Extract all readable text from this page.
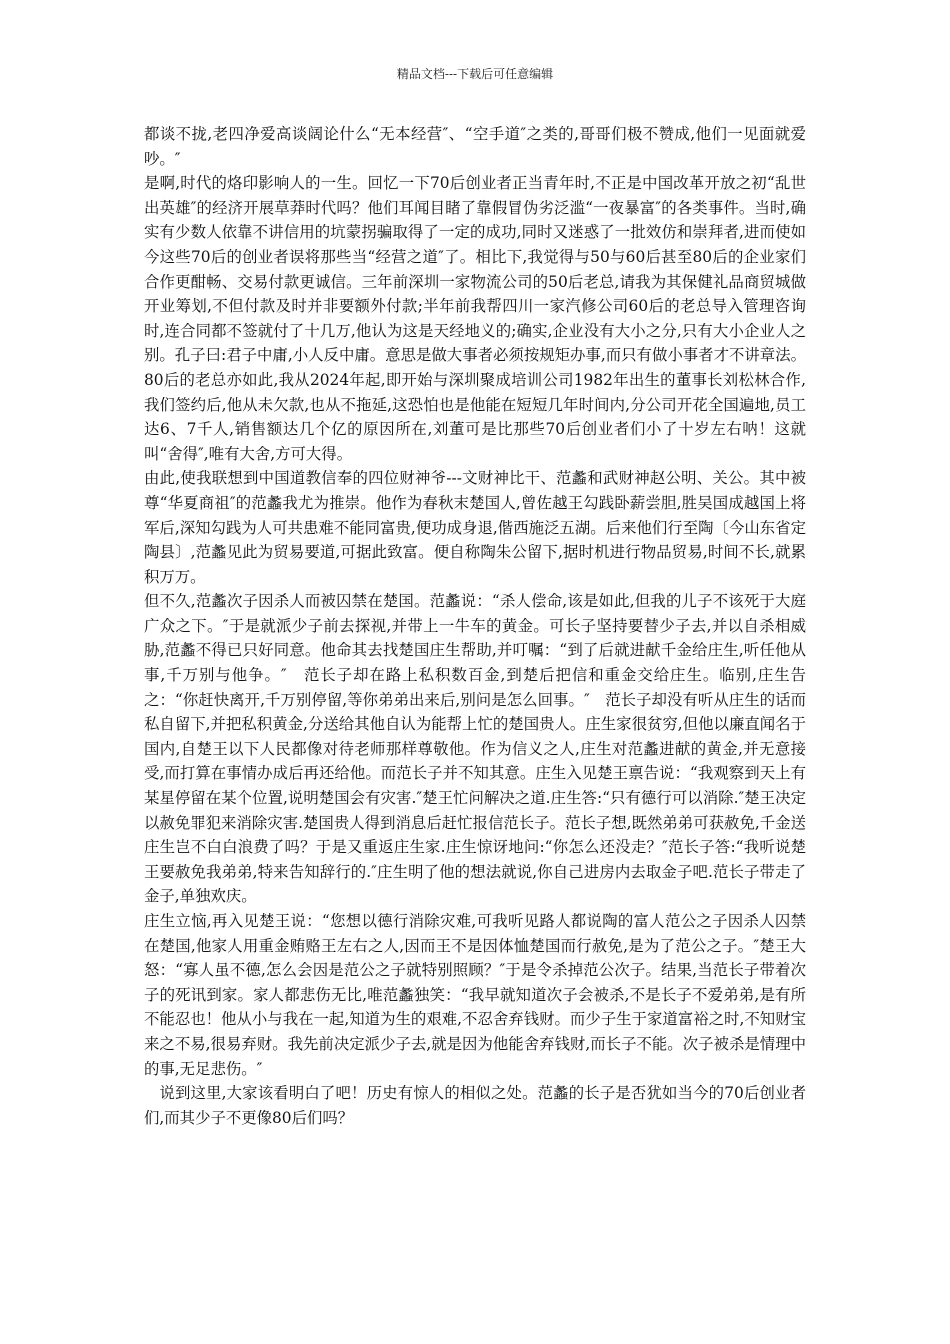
精品文档---下载后可任意编辑

都谈不拢,老四净爱高谈阔论什么“无本经营″、“空手道″之类的,哥哥们极不赞成,他们一见面就爱吵。″

是啊,时代的烙印影响人的一生。回忆一下70后创业者正当青年时,不正是中国改革开放之初“乱世出英雄″的经济开展草莽时代吗？他们耳闻目睹了靠假冒伪劣泛滥“一夜暴富″的各类事件。当时,确实有少数人依靠不讲信用的坑蒙拐骗取得了一定的成功,同时又迷惑了一批效仿和崇拜者,进而使如今这些70后的创业者误将那些当“经营之道″了。相比下,我觉得与50与60后甚至80后的企业家们合作更酣畅、交易付款更诚信。三年前深圳一家物流公司的50后老总,请我为其保健礼品商贸城做开业筹划,不但付款及时并非要额外付款;半年前我帮四川一家汽修公司60后的老总导入管理咨询时,连合同都不签就付了十几万,他认为这是天经地义的;确实,企业没有大小之分,只有大小企业人之别。孔子曰:君子中庸,小人反中庸。意思是做大事者必须按规矩办事,而只有做小事者才不讲章法。80后的老总亦如此,我从2024年起,即开始与深圳聚成培训公司1982年出生的董事长刘松林合作,我们签约后,他从未欠款,也从不拖延,这恐怕也是他能在短短几年时间内,分公司开花全国遍地,员工达6、7千人,销售额达几个亿的原因所在,刘董可是比那些70后创业者们小了十岁左右呐！这就叫“舍得″,唯有大舍,方可大得。

由此,使我联想到中国道教信奉的四位财神爷---文财神比干、范蠡和武财神赵公明、关公。其中被尊“华夏商祖″的范蠡我尤为推崇。他作为春秋末楚国人,曾佐越王勾践卧薪尝胆,胜吴国成越国上将军后,深知勾践为人可共患难不能同富贵,便功成身退,偕西施泛五湖。后来他们行至陶〔今山东省定陶县〕,范蠡见此为贸易要道,可据此致富。便自称陶朱公留下,据时机进行物品贸易,时间不长,就累积万万。

但不久,范蠡次子因杀人而被囚禁在楚国。范蠡说：“杀人偿命,该是如此,但我的儿子不该死于大庭广众之下。″于是就派少子前去探视,并带上一牛车的黄金。可长子坚持要替少子去,并以自杀相威胁,范蠡不得已只好同意。他命其去找楚国庄生帮助,并叮嘱：“到了后就进献千金给庄生,听任他从事,千万别与他争。″　范长子却在路上私积数百金,到楚后把信和重金交给庄生。临别,庄生告之：“你赶快离开,千万别停留,等你弟弟出来后,别问是怎么回事。″　范长子却没有听从庄生的话而私自留下,并把私积黄金,分送给其他自认为能帮上忙的楚国贵人。庄生家很贫穷,但他以廉直闻名于国内,自楚王以下人民都像对待老师那样尊敬他。作为信义之人,庄生对范蠡进献的黄金,并无意接受,而打算在事情办成后再还给他。而范长子并不知其意。庄生入见楚王禀告说：“我观察到天上有某星停留在某个位置,说明楚国会有灾害.″楚王忙问解决之道.庄生答:“只有德行可以消除.″楚王决定以赦免罪犯来消除灾害.楚国贵人得到消息后赶忙报信范长子。范长子想,既然弟弟可获赦免,千金送庄生岂不白白浪费了吗？于是又重返庄生家.庄生惊讶地问:“你怎么还没走？″范长子答:“我听说楚王要赦免我弟弟,特来告知辞行的.″庄生明了他的想法就说,你自己进房内去取金子吧.范长子带走了金子,单独欢庆。

庄生立恼,再入见楚王说：“您想以德行消除灾难,可我听见路人都说陶的富人范公之子因杀人囚禁在楚国,他家人用重金贿赂王左右之人,因而王不是因体恤楚国而行赦免,是为了范公之子。″楚王大怒：“寡人虽不德,怎么会因是范公之子就特别照顾？″于是令杀掉范公次子。结果,当范长子带着次子的死讯到家。家人都悲伤无比,唯范蠡独笑：“我早就知道次子会被杀,不是长子不爱弟弟,是有所不能忍也！他从小与我在一起,知道为生的艰难,不忍舍弃钱财。而少子生于家道富裕之时,不知财宝来之不易,很易弃财。我先前决定派少子去,就是因为他能舍弃钱财,而长子不能。次子被杀是情理中的事,无足悲伤。″

说到这里,大家该看明白了吧！历史有惊人的相似之处。范蠡的长子是否犹如当今的70后创业者们,而其少子不更像80后们吗？
